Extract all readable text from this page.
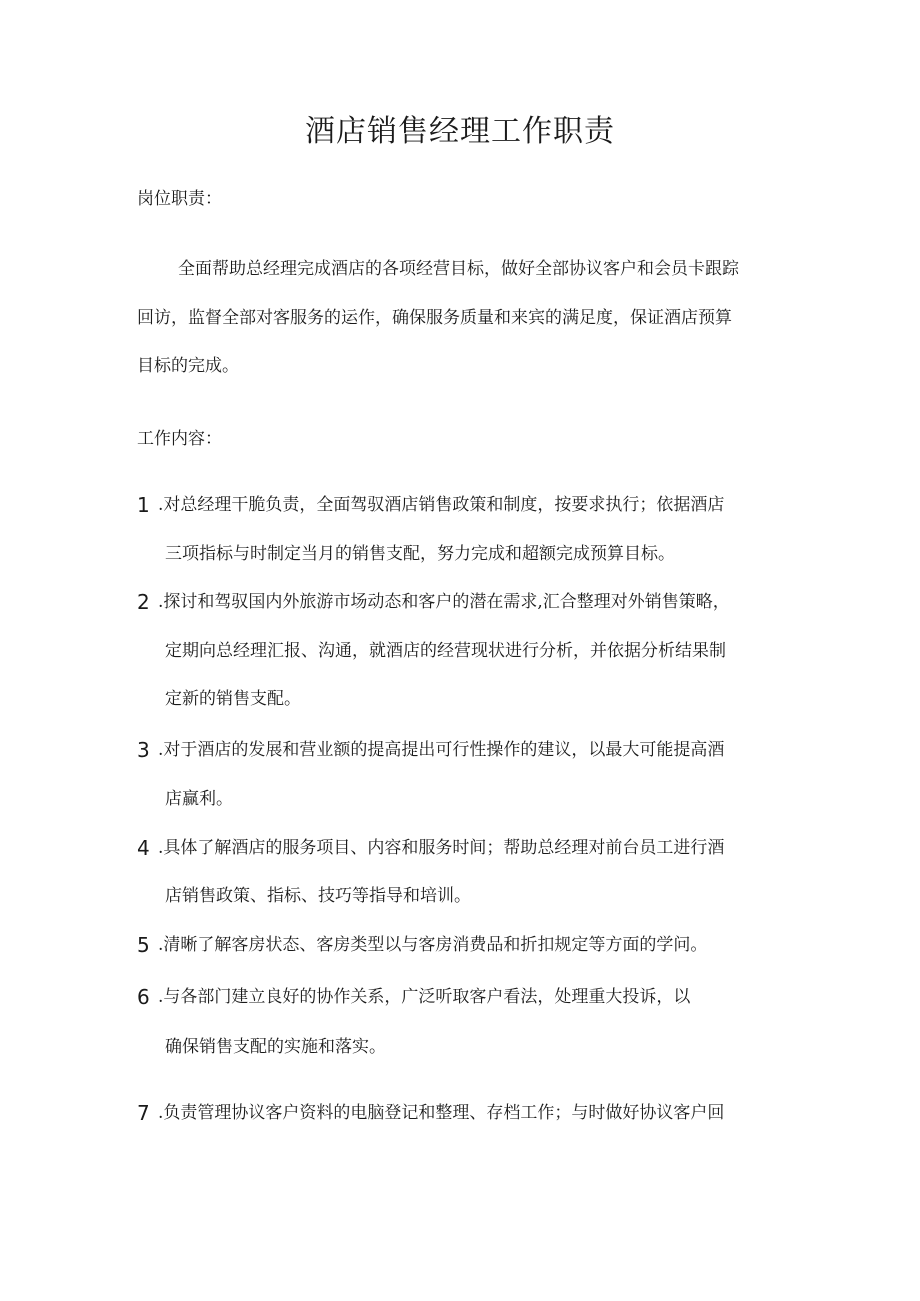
酒店销售经理工作职责
岗位职责：
全面帮助总经理完成酒店的各项经营目标，做好全部协议客户和会员卡跟踪
回访，监督全部对客服务的运作，确保服务质量和来宾的满足度，保证酒店预算
目标的完成。
工作内容：
1 .对总经理干脆负责，全面驾驭酒店销售政策和制度，按要求执行；依据酒店
三项指标与时制定当月的销售支配，努力完成和超额完成预算目标。
2 .探讨和驾驭国内外旅游市场动态和客户的潜在需求,汇合整理对外销售策略，
定期向总经理汇报、沟通，就酒店的经营现状进行分析，并依据分析结果制
定新的销售支配。
3 .对于酒店的发展和营业额的提高提出可行性操作的建议，以最大可能提高酒
店赢利。
4 .具体了解酒店的服务项目、内容和服务时间；帮助总经理对前台员工进行酒
店销售政策、指标、技巧等指导和培训。
5 .清晰了解客房状态、客房类型以与客房消费品和折扣规定等方面的学问。
6 .与各部门建立良好的协作关系，广泛听取客户看法，处理重大投诉，以
确保销售支配的实施和落实。
7 .负责管理协议客户资料的电脑登记和整理、存档工作；与时做好协议客户回
